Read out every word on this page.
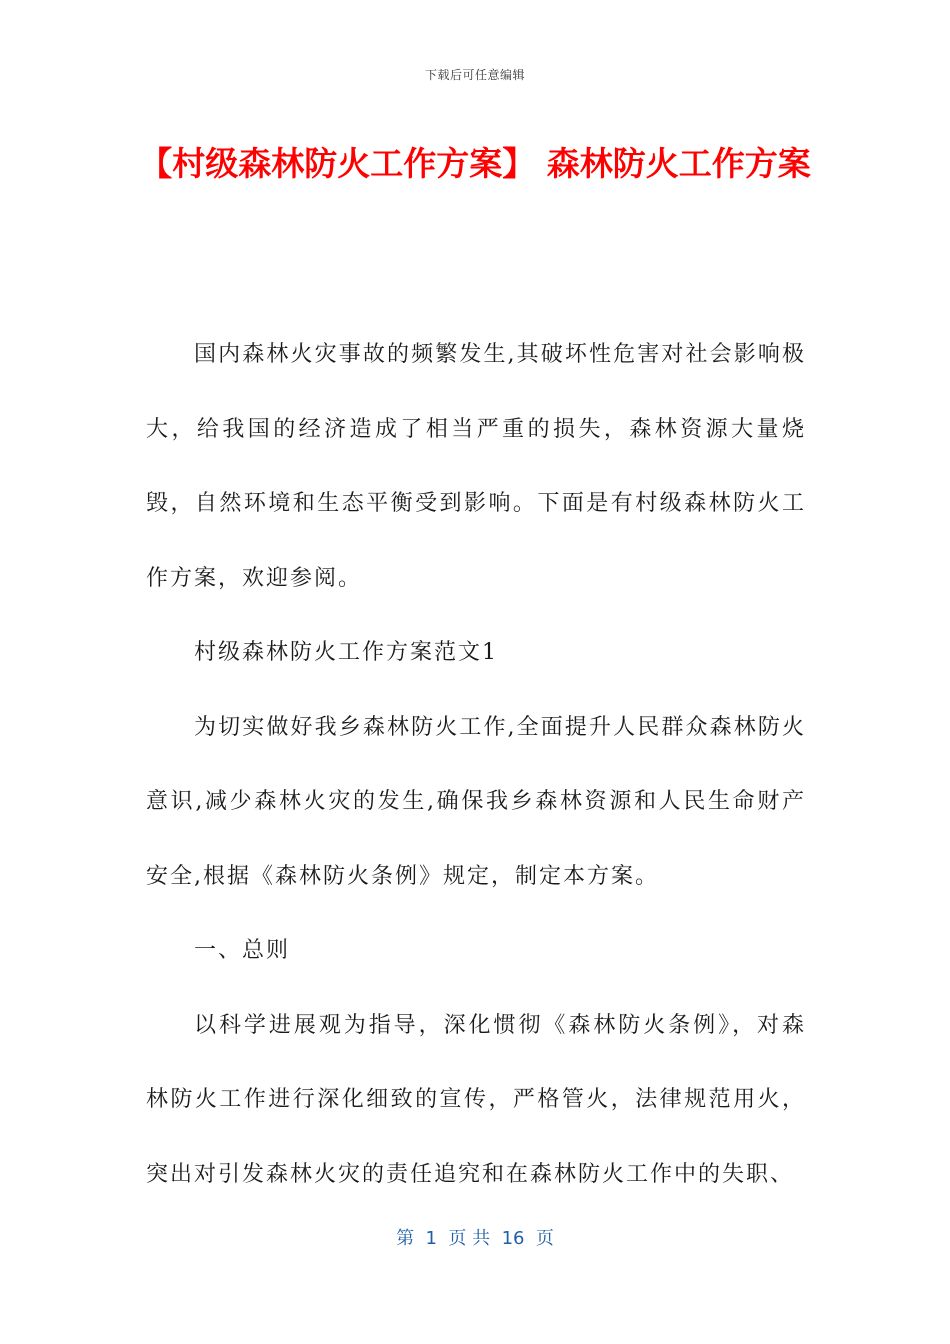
下载后可任意编辑
【村级森林防火工作方案】 森林防火工作方案

国内森林火灾事故的频繁发生,其破坏性危害对社会影响极大，给我国的经济造成了相当严重的损失，森林资源大量烧毁，自然环境和生态平衡受到影响。下面是有村级森林防火工作方案，欢迎参阅。

村级森林防火工作方案范文1

为切实做好我乡森林防火工作,全面提升人民群众森林防火意识,减少森林火灾的发生,确保我乡森林资源和人民生命财产安全,根据《森林防火条例》规定，制定本方案。

一、总则

以科学进展观为指导，深化惯彻《森林防火条例》，对森林防火工作进行深化细致的宣传，严格管火，法律规范用火，突出对引发森林火灾的责任追究和在森林防火工作中的失职、

第  1  页 共  16  页
